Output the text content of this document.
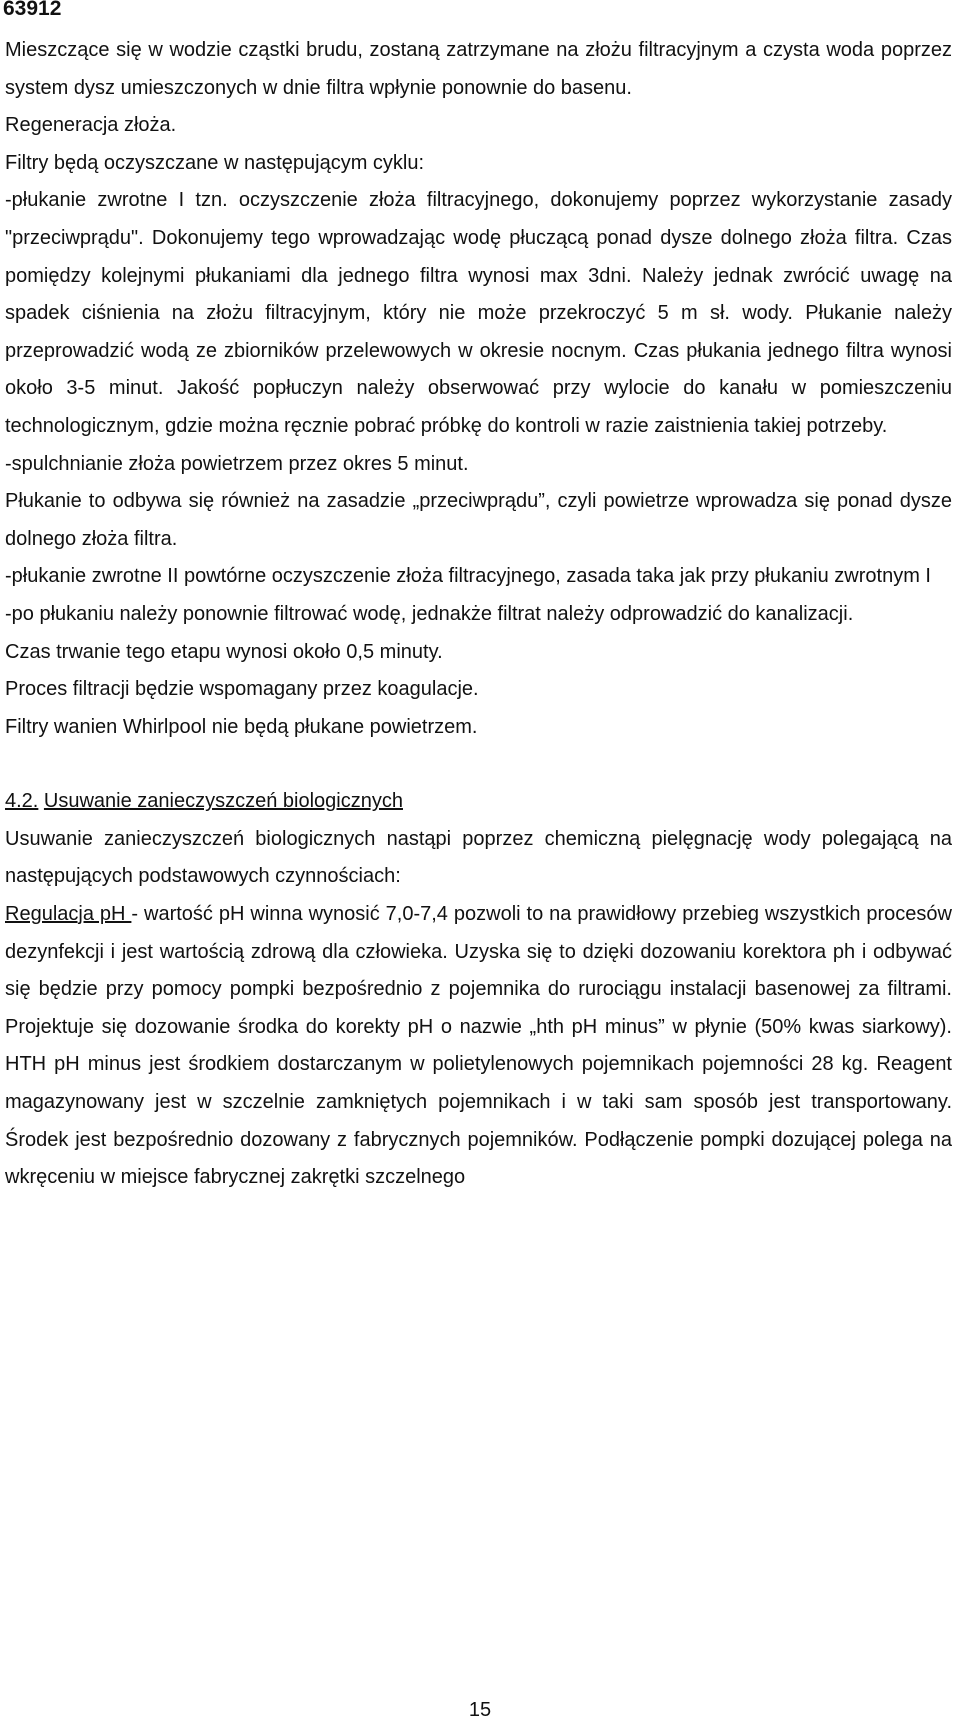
63912

Mieszczące się w wodzie cząstki brudu, zostaną zatrzymane na złożu filtracyjnym a czysta woda poprzez system dysz umieszczonych w dnie filtra wpłynie ponownie do basenu.

Regeneracja złoża.

Filtry będą oczyszczane w następującym cyklu:

-płukanie zwrotne I tzn. oczyszczenie złoża filtracyjnego, dokonujemy poprzez wykorzystanie zasady "przeciwprądu". Dokonujemy tego wprowadzając wodę płuczącą ponad dysze dolnego złoża filtra. Czas pomiędzy kolejnymi płukaniami dla jednego filtra wynosi max 3dni. Należy jednak zwrócić uwagę na spadek ciśnienia na złożu filtracyjnym, który nie może przekroczyć 5 m sł. wody. Płukanie należy przeprowadzić wodą ze zbiorników przelewowych w okresie nocnym. Czas płukania jednego filtra wynosi około 3-5 minut. Jakość popłuczyn należy obserwować przy wylocie do kanału w pomieszczeniu technologicznym, gdzie można ręcznie pobrać próbkę do kontroli w razie zaistnienia takiej potrzeby.

-spulchnianie złoża powietrzem przez okres 5 minut.

Płukanie to odbywa się również na zasadzie „przeciwprądu”, czyli powietrze wprowadza się ponad dysze dolnego złoża filtra.

-płukanie zwrotne II powtórne oczyszczenie złoża filtracyjnego, zasada taka jak przy płukaniu zwrotnym I

-po płukaniu należy ponownie filtrować wodę, jednakże filtrat należy odprowadzić do kanalizacji.

Czas trwanie tego etapu wynosi około 0,5 minuty.

Proces filtracji będzie wspomagany przez koagulacje.

Filtry wanien Whirlpool nie będą płukane powietrzem.

4.2. Usuwanie zanieczyszczeń biologicznych

Usuwanie zanieczyszczeń biologicznych nastąpi poprzez chemiczną pielęgnację wody polegającą na następujących podstawowych czynnościach:

Regulacja pH - wartość pH winna wynosić 7,0-7,4 pozwoli to na prawidłowy przebieg wszystkich procesów dezynfekcji i jest wartością zdrową dla człowieka. Uzyska się to dzięki dozowaniu korektora ph i odbywać się będzie przy pomocy pompki bezpośrednio z pojemnika do rurociągu instalacji basenowej za filtrami. Projektuje się dozowanie środka do korekty pH o nazwie „hth pH minus” w płynie (50% kwas siarkowy). HTH pH minus jest środkiem dostarczanym w polietylenowych pojemnikach pojemności 28 kg. Reagent magazynowany jest w szczelnie zamkniętych pojemnikach i w taki sam sposób jest transportowany. Środek jest bezpośrednio dozowany z fabrycznych pojemników. Podłączenie pompki dozującej polega na wkręceniu w miejsce fabrycznej zakrętki szczelnego

15
